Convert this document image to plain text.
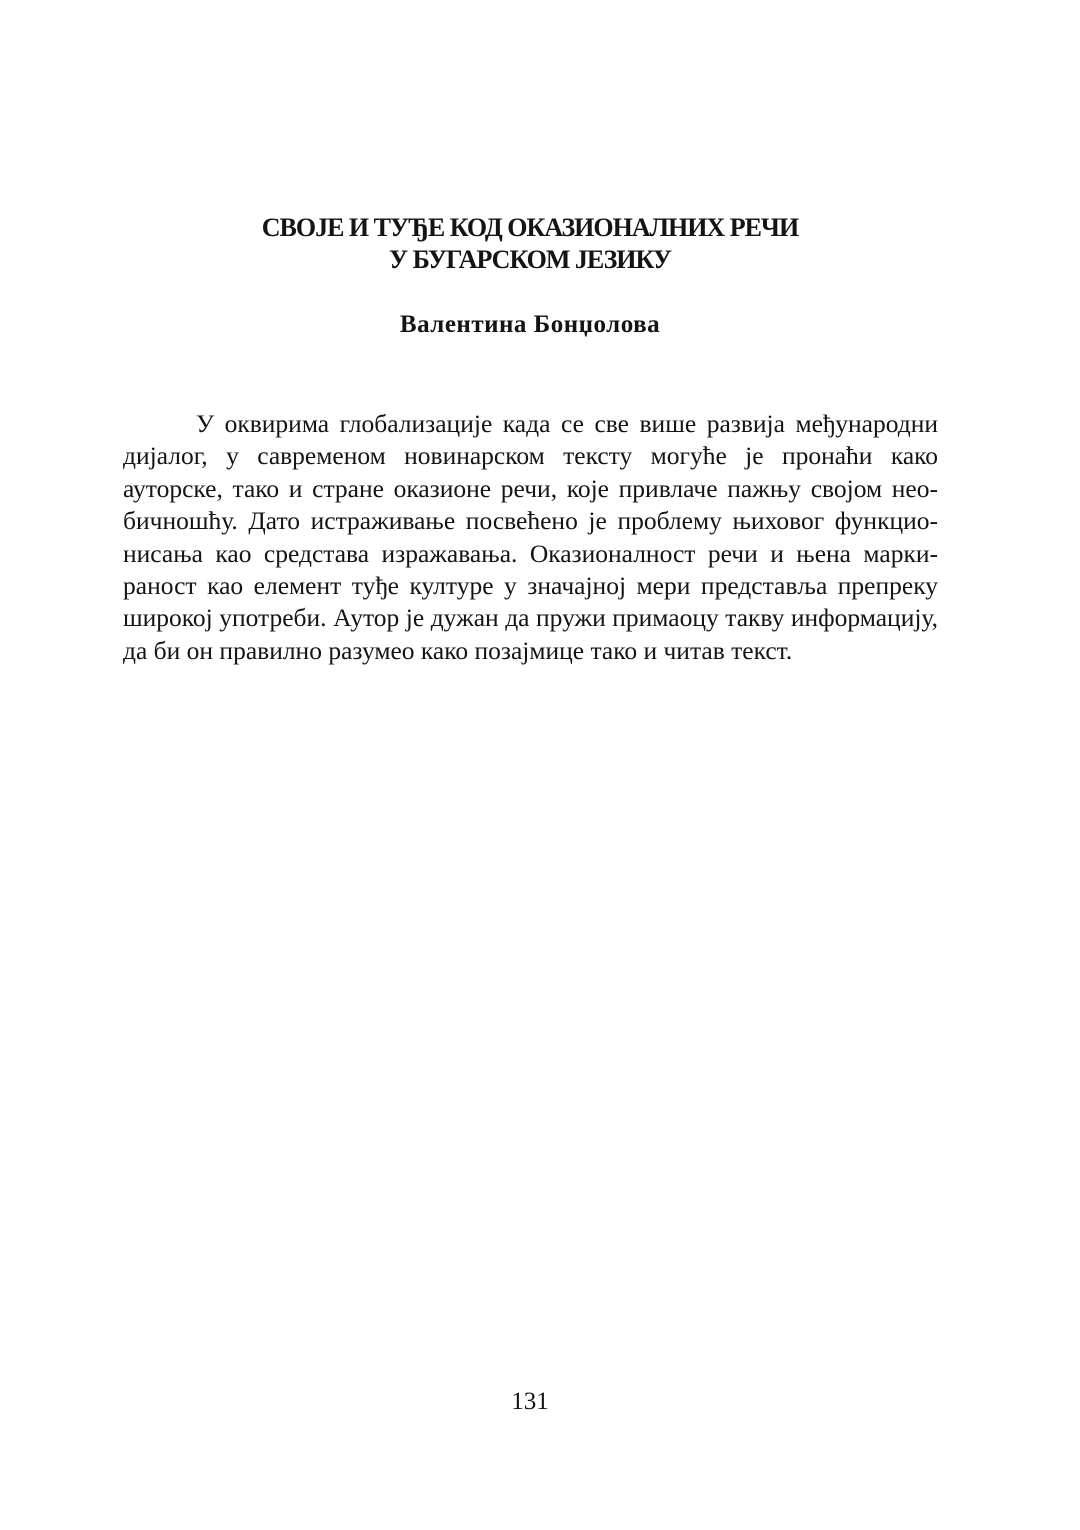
СВОЈЕ И ТУЂЕ КОД ОКАЗИОНАЛНИХ РЕЧИ
У БУГАРСКОМ ЈЕЗИКУ
Валентина Бонџолова
У оквирима глобализације када се све више развија међународни
дијалог, у савременом новинарском тексту могуће је пронаћи како
ауторске, тако и стране оказионе речи, које привлаче пажњу својом нео-
бичношћу. Дато истраживање посвећено је проблему њиховог функцио-
нисања као средстава изражавања. Оказионалност речи и њена марки-
раност као елемент туђе културе у значајној мери представља препреку
широкој употреби. Аутор је дужан да пружи примаоцу такву информацију,
да би он правилно разумео како позајмице тако и читав текст.
131
